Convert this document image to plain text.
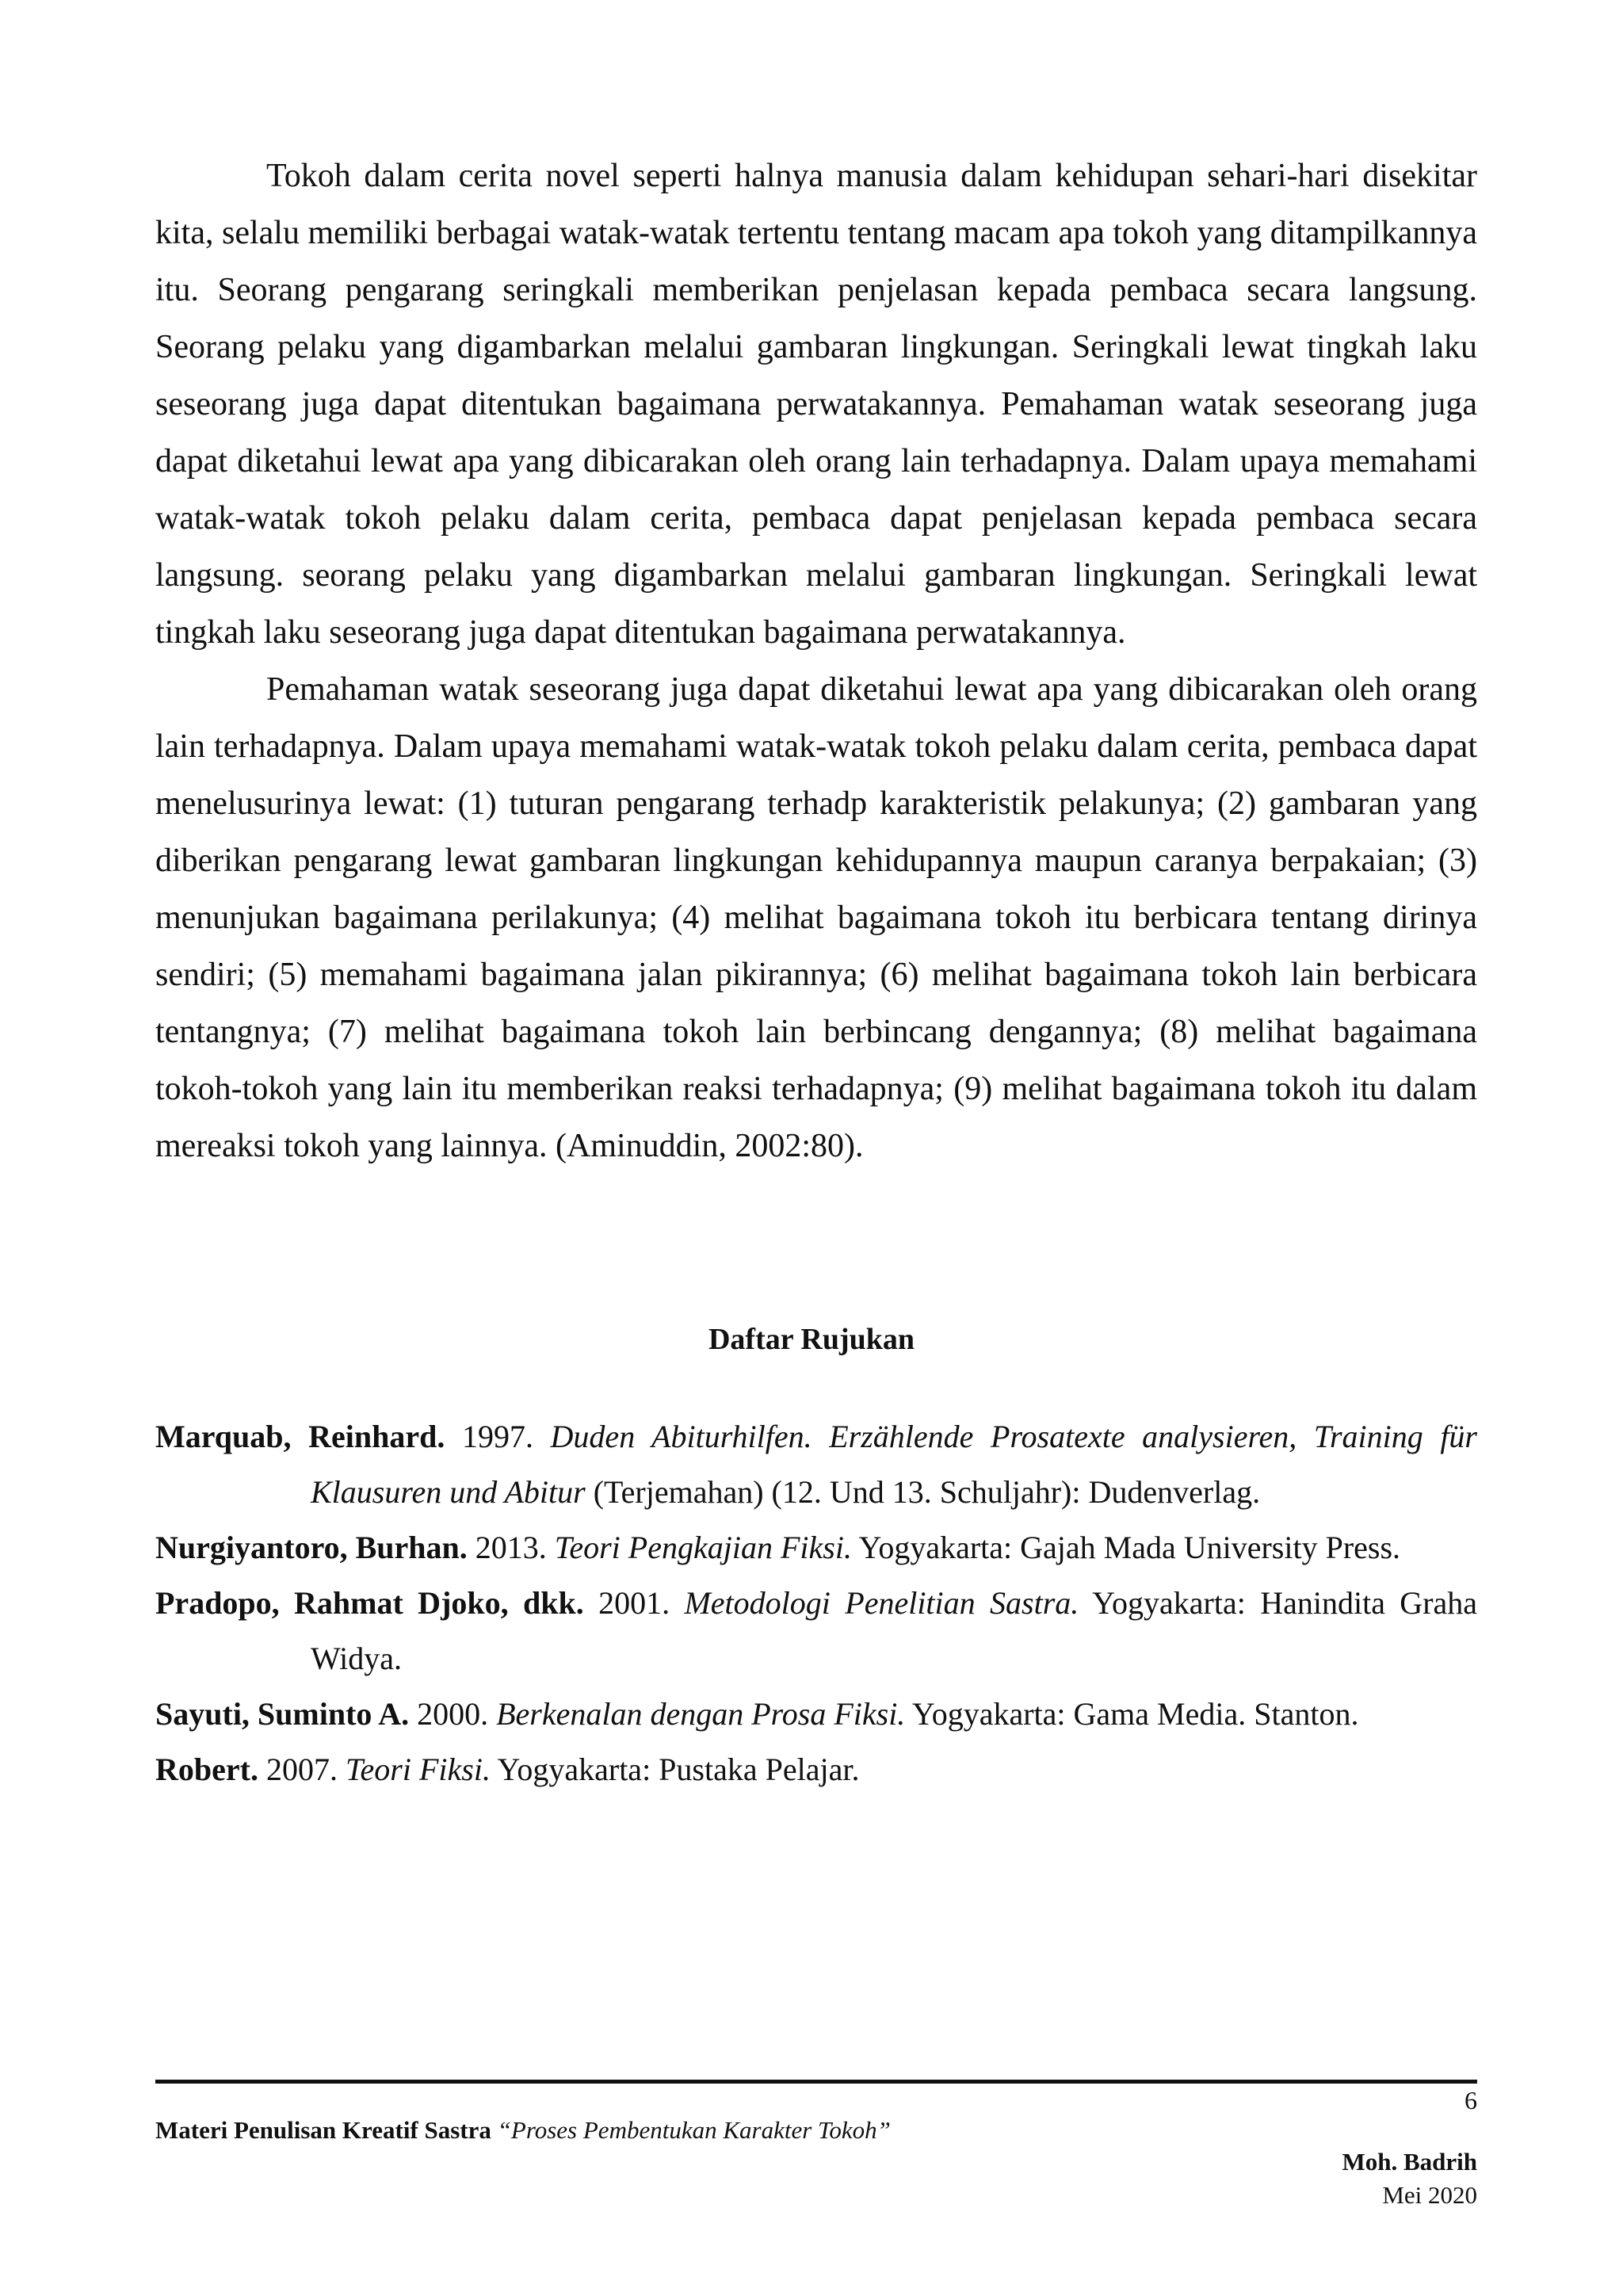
Tokoh dalam cerita novel seperti halnya manusia dalam kehidupan sehari-hari disekitar kita, selalu memiliki berbagai watak-watak tertentu tentang macam apa tokoh yang ditampilkannya itu. Seorang pengarang seringkali memberikan penjelasan kepada pembaca secara langsung. Seorang pelaku yang digambarkan melalui gambaran lingkungan. Seringkali lewat tingkah laku seseorang juga dapat ditentukan bagaimana perwatakannya. Pemahaman watak seseorang juga dapat diketahui lewat apa yang dibicarakan oleh orang lain terhadapnya. Dalam upaya memahami watak-watak tokoh pelaku dalam cerita, pembaca dapat penjelasan kepada pembaca secara langsung. seorang pelaku yang digambarkan melalui gambaran lingkungan. Seringkali lewat tingkah laku seseorang juga dapat ditentukan bagaimana perwatakannya.

Pemahaman watak seseorang juga dapat diketahui lewat apa yang dibicarakan oleh orang lain terhadapnya. Dalam upaya memahami watak-watak tokoh pelaku dalam cerita, pembaca dapat menelusurinya lewat: (1) tuturan pengarang terhadp karakteristik pelakunya; (2) gambaran yang diberikan pengarang lewat gambaran lingkungan kehidupannya maupun caranya berpakaian; (3) menunjukan bagaimana perilakunya; (4) melihat bagaimana tokoh itu berbicara tentang dirinya sendiri; (5) memahami bagaimana jalan pikirannya; (6) melihat bagaimana tokoh lain berbicara tentangnya; (7) melihat bagaimana tokoh lain berbincang dengannya; (8) melihat bagaimana tokoh-tokoh yang lain itu memberikan reaksi terhadapnya; (9) melihat bagaimana tokoh itu dalam mereaksi tokoh yang lainnya. (Aminuddin, 2002:80).

Daftar Rujukan

Marquab, Reinhard. 1997. Duden Abiturhilfen. Erzählende Prosatexte analysieren, Training für Klausuren und Abitur (Terjemahan) (12. Und 13. Schuljahr): Dudenverlag.

Nurgiyantoro, Burhan. 2013. Teori Pengkajian Fiksi. Yogyakarta: Gajah Mada University Press.

Pradopo, Rahmat Djoko, dkk. 2001. Metodologi Penelitian Sastra. Yogyakarta: Hanindita Graha Widya.

Sayuti, Suminto A. 2000. Berkenalan dengan Prosa Fiksi. Yogyakarta: Gama Media. Stanton.

Robert. 2007. Teori Fiksi. Yogyakarta: Pustaka Pelajar.

6
Materi Penulisan Kreatif Sastra “Proses Pembentukan Karakter Tokoh”
Moh. Badrih
Mei 2020
